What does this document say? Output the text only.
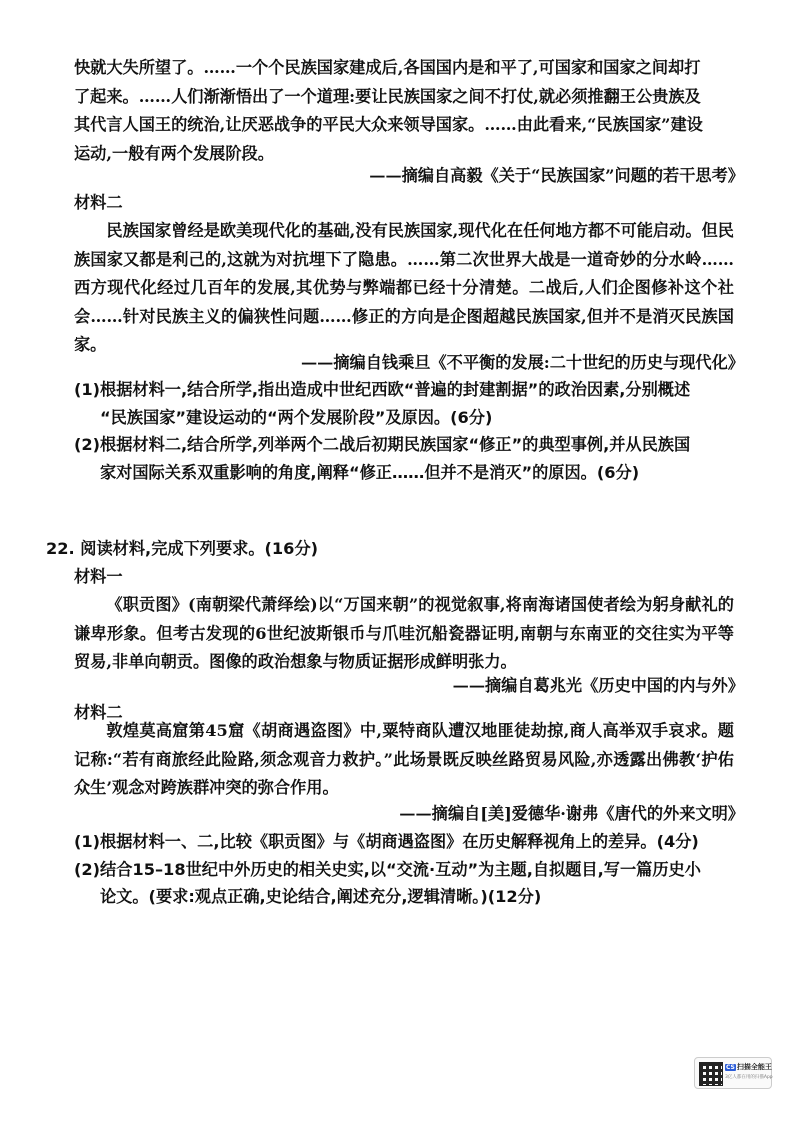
快就大失所望了。……一个个民族国家建成后,各国国内是和平了,可国家和国家之间却打
了起来。……人们渐渐悟出了一个道理:要让民族国家之间不打仗,就必须推翻王公贵族及
其代言人国王的统治,让厌恶战争的平民大众来领导国家。……由此看来,“民族国家”建设
运动,一般有两个发展阶段。
——摘编自高毅《关于“民族国家”问题的若干思考》
材料二

民族国家曾经是欧美现代化的基础,没有民族国家,现代化在任何地方都不可能启动。但民族国家又都是利己的,这就为对抗埋下了隐患。……第二次世界大战是一道奇妙的分水岭……西方现代化经过几百年的发展,其优势与弊端都已经十分清楚。二战后,人们企图修补这个社会……针对民族主义的偏狭性问题……修正的方向是企图超越民族国家,但并不是消灭民族国家。

——摘编自钱乘旦《不平衡的发展:二十世纪的历史与现代化》
(1)根据材料一,结合所学,指出造成中世纪西欧“普遍的封建割据”的政治因素,分别概述
“民族国家”建设运动的“两个发展阶段”及原因。(6分)
(2)根据材料二,结合所学,列举两个二战后初期民族国家“修正”的典型事例,并从民族国
家对国际关系双重影响的角度,阐释“修正……但并不是消灭”的原因。(6分)
22. 阅读材料,完成下列要求。(16分)
材料一

《职贡图》(南朝梁代萧绎绘)以“万国来朝”的视觉叙事,将南海诸国使者绘为躬身献礼的谦卑形象。但考古发现的6世纪波斯银币与爪哇沉船瓷器证明,南朝与东南亚的交往实为平等贸易,非单向朝贡。图像的政治想象与物质证据形成鲜明张力。

——摘编自葛兆光《历史中国的内与外》
材料二

敦煌莫高窟第45窟《胡商遇盗图》中,粟特商队遭汉地匪徒劫掠,商人高举双手哀求。题记称:“若有商旅经此险路,须念观音力救护。”此场景既反映丝路贸易风险,亦透露出佛教‘护佑众生’观念对跨族群冲突的弥合作用。

——摘编自[美]爱德华·谢弗《唐代的外来文明》
(1)根据材料一、二,比较《职贡图》与《胡商遇盗图》在历史解释视角上的差异。(4分)
(2)结合15–18世纪中外历史的相关史实,以“交流·互动”为主题,自拟题目,写一篇历史小
论文。(要求:观点正确,史论结合,阐述充分,逻辑清晰。)(12分)
CS 扫描全能王
3亿人都在用的扫描App
